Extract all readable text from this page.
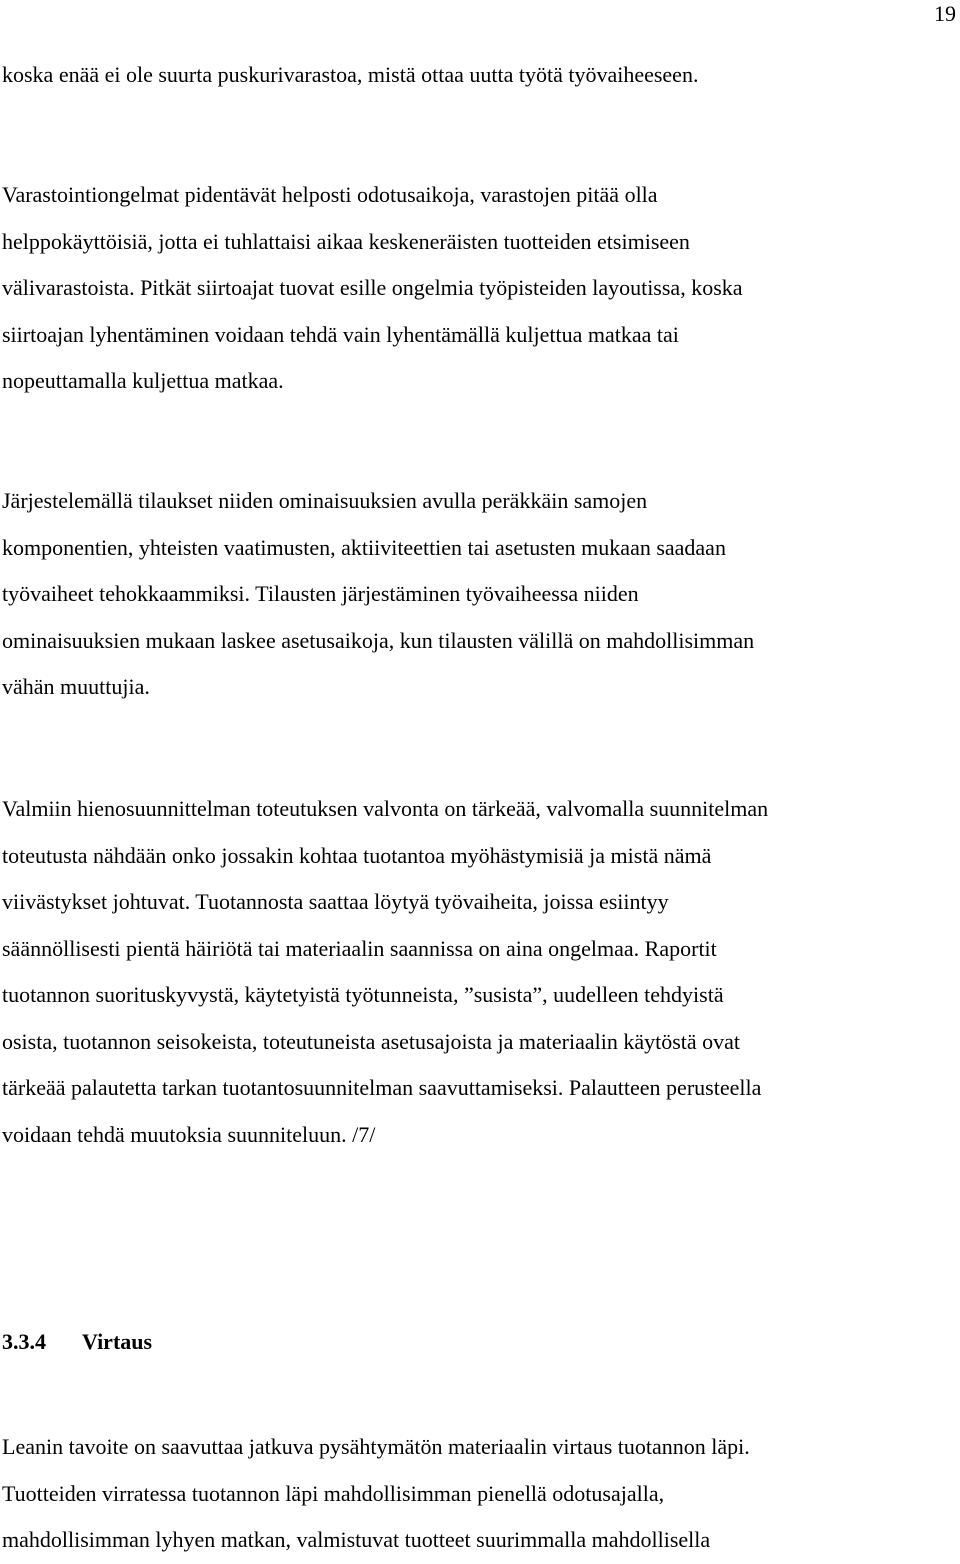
19
koska enää ei ole suurta puskurivarastoa, mistä ottaa uutta työtä työvaiheeseen.
Varastointiongelmat pidentävät helposti odotusaikoja, varastojen pitää olla
helppokäyttöisiä, jotta ei tuhlattaisi aikaa keskeneräisten tuotteiden etsimiseen
välivarastoista. Pitkät siirtoajat tuovat esille ongelmia työpisteiden layoutissa, koska
siirtoajan lyhentäminen voidaan tehdä vain lyhentämällä kuljettua matkaa tai
nopeuttamalla kuljettua matkaa.
Järjestelemällä tilaukset niiden ominaisuuksien avulla peräkkäin samojen
komponentien, yhteisten vaatimusten, aktiiviteettien tai asetusten mukaan saadaan
työvaiheet tehokkaammiksi. Tilausten järjestäminen työvaiheessa niiden
ominaisuuksien mukaan laskee asetusaikoja, kun tilausten välillä on mahdollisimman
vähän muuttujia.
Valmiin hienosuunnittelman toteutuksen valvonta on tärkeää, valvomalla suunnitelman
toteutusta nähdään onko jossakin kohtaa tuotantoa myöhästymisiä ja mistä nämä
viivästykset johtuvat. Tuotannosta saattaa löytyä työvaiheita, joissa esiintyy
säännöllisesti pientä häiriötä tai materiaalin saannissa on aina ongelmaa. Raportit
tuotannon suorituskyvystä, käytetyistä työtunneista, ”susista”, uudelleen tehdyistä
osista, tuotannon seisokeista, toteutuneista asetusajoista ja materiaalin käytöstä ovat
tärkeää palautetta tarkan tuotantosuunnitelman saavuttamiseksi. Palautteen perusteella
voidaan tehdä muutoksia suunniteluun. /7/
3.3.4 Virtaus
Leanin tavoite on saavuttaa jatkuva pysähtymätön materiaalin virtaus tuotannon läpi.
Tuotteiden virratessa tuotannon läpi mahdollisimman pienellä odotusajalla,
mahdollisimman lyhyen matkan, valmistuvat tuotteet suurimmalla mahdollisella
